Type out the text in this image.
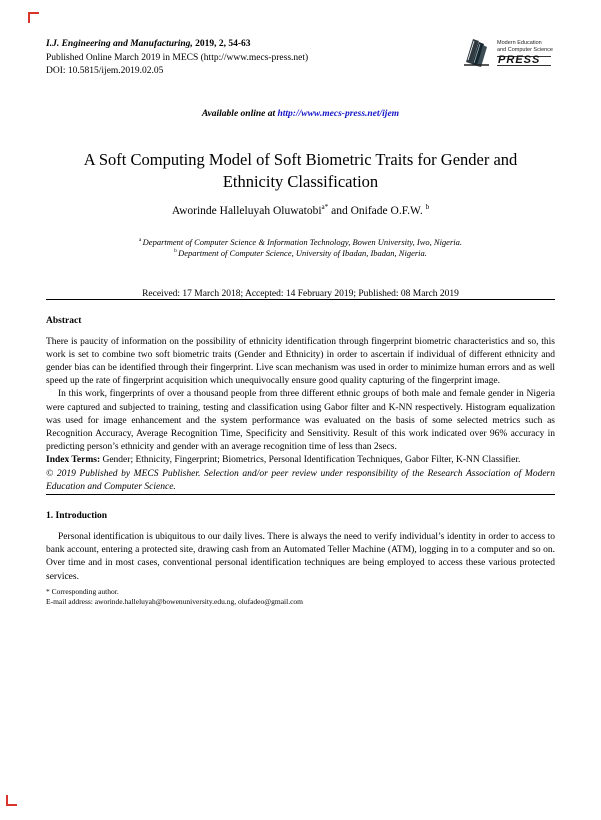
I.J. Engineering and Manufacturing, 2019, 2, 54-63
Published Online March 2019 in MECS (http://www.mecs-press.net)
DOI: 10.5815/ijem.2019.02.05
Modern Education
and Computer Science
PRESS
Available online at http://www.mecs-press.net/ijem
A Soft Computing Model of Soft Biometric Traits for Gender and Ethnicity Classification
Aworinde Halleluyah Oluwatobi$^{a*}$ and Onifade O.F.W. $^b$
$^a$ Department of Computer Science & Information Technology, Bowen University, Iwo, Nigeria.
$^b$ Department of Computer Science, University of Ibadan, Ibadan, Nigeria.
Received: 17 March 2018; Accepted: 14 February 2019; Published: 08 March 2019
Abstract

There is paucity of information on the possibility of ethnicity identification through fingerprint biometric characteristics and so, this work is set to combine two soft biometric traits (Gender and Ethnicity) in order to ascertain if individual of different ethnicity and gender bias can be identified through their fingerprint. Live scan mechanism was used in order to minimize human errors and as well speed up the rate of fingerprint acquisition which unequivocally ensure good quality capturing of the fingerprint image.

In this work, fingerprints of over a thousand people from three different ethnic groups of both male and female gender in Nigeria were captured and subjected to training, testing and classification using Gabor filter and K-NN respectively. Histogram equalization was used for image enhancement and the system performance was evaluated on the basis of some selected metrics such as Recognition Accuracy, Average Recognition Time, Specificity and Sensitivity. Result of this work indicated over 96% accuracy in predicting person’s ethnicity and gender with an average recognition time of less than 2secs.

Index Terms: Gender; Ethnicity, Fingerprint; Biometrics, Personal Identification Techniques, Gabor Filter, K-NN Classifier.

© 2019 Published by MECS Publisher. Selection and/or peer review under responsibility of the Research Association of Modern Education and Computer Science.

1. Introduction

Personal identification is ubiquitous to our daily lives. There is always the need to verify individual’s identity in order to access to bank account, entering a protected site, drawing cash from an Automated Teller Machine (ATM), logging in to a computer and so on. Over time and in most cases, conventional personal identification techniques are being employed to access these various protected services.

* Corresponding author.
E-mail address: aworinde.halleluyah@bowenuniversity.edu.ng, olufadeo@gmail.com
